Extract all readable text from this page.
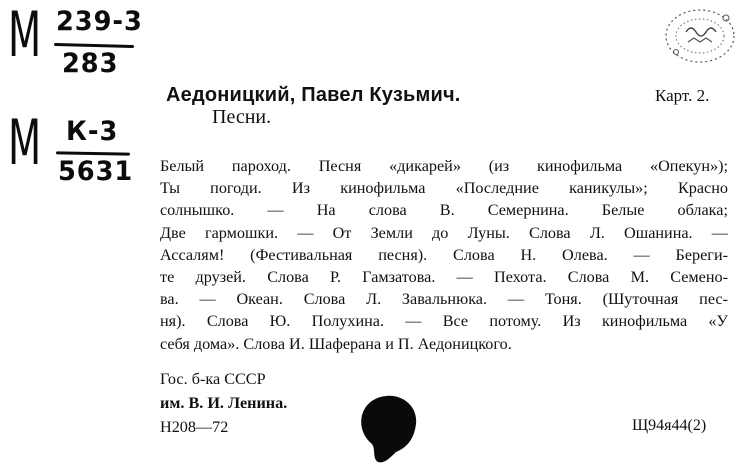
М 239-3
283
М К-3
5631
Карт. 2.
Аедоницкий, Павел Кузьмич.
Песни.
Белый пароход. Песня «дикарей» (из кинофильма «Опекун»);
Ты погоди. Из кинофильма «Последние каникулы»; Красно
солнышко. — На слова В. Семернина. Белые облака;
Две гармошки. — От Земли до Луны. Слова Л. Ошанина. —
Ассалям! (Фестивальная песня). Слова Н. Олева. — Береги-
те друзей. Слова Р. Гамзатова. — Пехота. Слова М. Семено-
ва. — Океан. Слова Л. Завальнюка. — Тоня. (Шуточная пес-
ня). Слова Ю. Полухина. — Все потому. Из кинофильма «У
себя дома». Слова И. Шаферана и П. Аедоницкого.
Гос. б-ка СССР
им. В. И. Ленина.
Н208—72	Щ94я44(2)
